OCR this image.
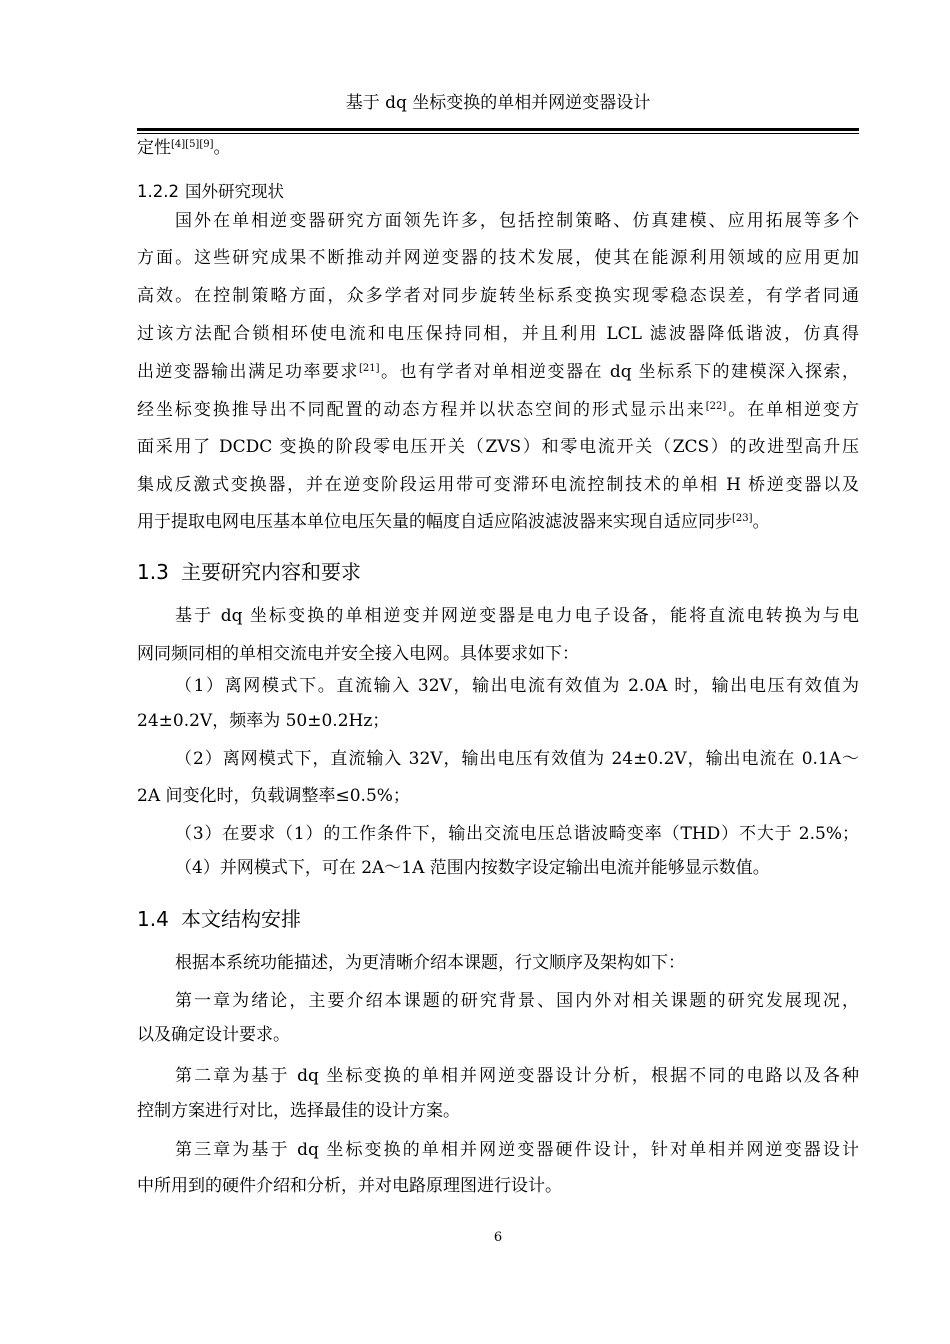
基于 dq 坐标变换的单相并网逆变器设计
定性[4][5][9]。
1.2.2 国外研究现状
国外在单相逆变器研究方面领先许多，包括控制策略、仿真建模、应用拓展等多个
方面。这些研究成果不断推动并网逆变器的技术发展，使其在能源利用领域的应用更加
高效。在控制策略方面，众多学者对同步旋转坐标系变换实现零稳态误差，有学者同通
过该方法配合锁相环使电流和电压保持同相，并且利用 LCL 滤波器降低谐波，仿真得
出逆变器输出满足功率要求[21]。也有学者对单相逆变器在 dq 坐标系下的建模深入探索，
经坐标变换推导出不同配置的动态方程并以状态空间的形式显示出来[22]。在单相逆变方
面采用了 DCDC 变换的阶段零电压开关（ZVS）和零电流开关（ZCS）的改进型高升压
集成反激式变换器，并在逆变阶段运用带可变滞环电流控制技术的单相 H 桥逆变器以及
用于提取电网电压基本单位电压矢量的幅度自适应陷波滤波器来实现自适应同步[23]。
1.3 主要研究内容和要求
基于 dq 坐标变换的单相逆变并网逆变器是电力电子设备，能将直流电转换为与电
网同频同相的单相交流电并安全接入电网。具体要求如下：
（1）离网模式下。直流输入 32V，输出电流有效值为 2.0A 时，输出电压有效值为
24±0.2V，频率为 50±0.2Hz；
（2）离网模式下，直流输入 32V，输出电压有效值为 24±0.2V，输出电流在 0.1A～
2A 间变化时，负载调整率≤0.5%；
（3）在要求（1）的工作条件下，输出交流电压总谐波畸变率（THD）不大于 2.5%；
（4）并网模式下，可在 2A～1A 范围内按数字设定输出电流并能够显示数值。
1.4 本文结构安排
根据本系统功能描述，为更清晰介绍本课题，行文顺序及架构如下：
第一章为绪论，主要介绍本课题的研究背景、国内外对相关课题的研究发展现况，
以及确定设计要求。
第二章为基于 dq 坐标变换的单相并网逆变器设计分析，根据不同的电路以及各种
控制方案进行对比，选择最佳的设计方案。
第三章为基于 dq 坐标变换的单相并网逆变器硬件设计，针对单相并网逆变器设计
中所用到的硬件介绍和分析，并对电路原理图进行设计。
6
